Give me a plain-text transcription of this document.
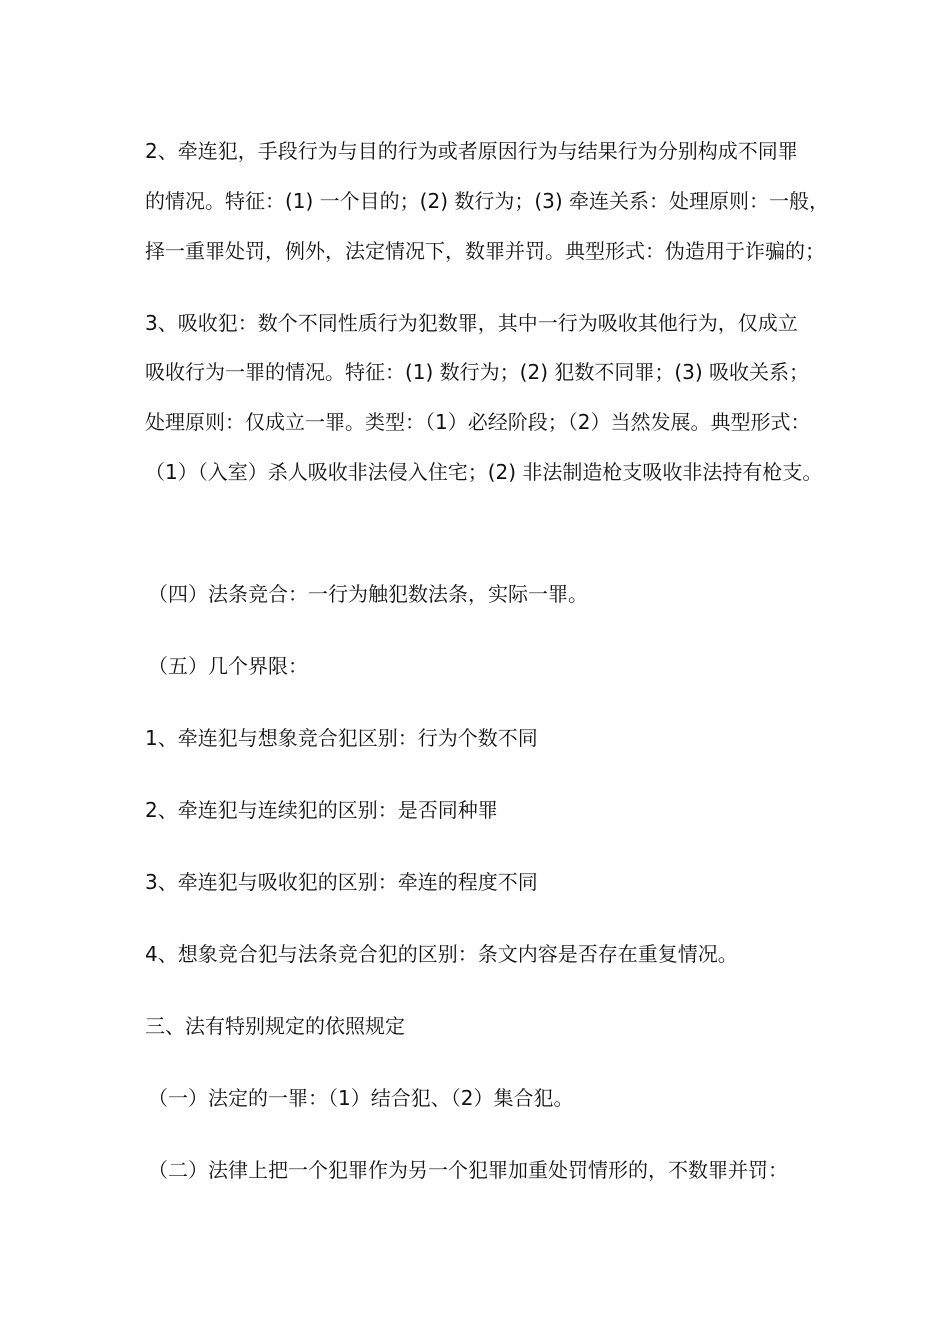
2、牵连犯，手段行为与目的行为或者原因行为与结果行为分别构成不同罪
的情况。特征：(1) 一个目的；(2) 数行为；(3) 牵连关系：处理原则：一般，
择一重罪处罚，例外，法定情况下，数罪并罚。典型形式：伪造用于诈骗的；
3、吸收犯：数个不同性质行为犯数罪，其中一行为吸收其他行为，仅成立
吸收行为一罪的情况。特征：(1) 数行为；(2) 犯数不同罪；(3) 吸收关系；
处理原则：仅成立一罪。类型：（1）必经阶段；（2）当然发展。典型形式：
（1）（入室）杀人吸收非法侵入住宅；(2) 非法制造枪支吸收非法持有枪支。
（四）法条竞合：一行为触犯数法条，实际一罪。
（五）几个界限：
1、牵连犯与想象竞合犯区别：行为个数不同
2、牵连犯与连续犯的区别：是否同种罪
3、牵连犯与吸收犯的区别：牵连的程度不同
4、想象竞合犯与法条竞合犯的区别：条文内容是否存在重复情况。
三、法有特别规定的依照规定
（一）法定的一罪：（1）结合犯、（2）集合犯。
（二）法律上把一个犯罪作为另一个犯罪加重处罚情形的，不数罪并罚：
